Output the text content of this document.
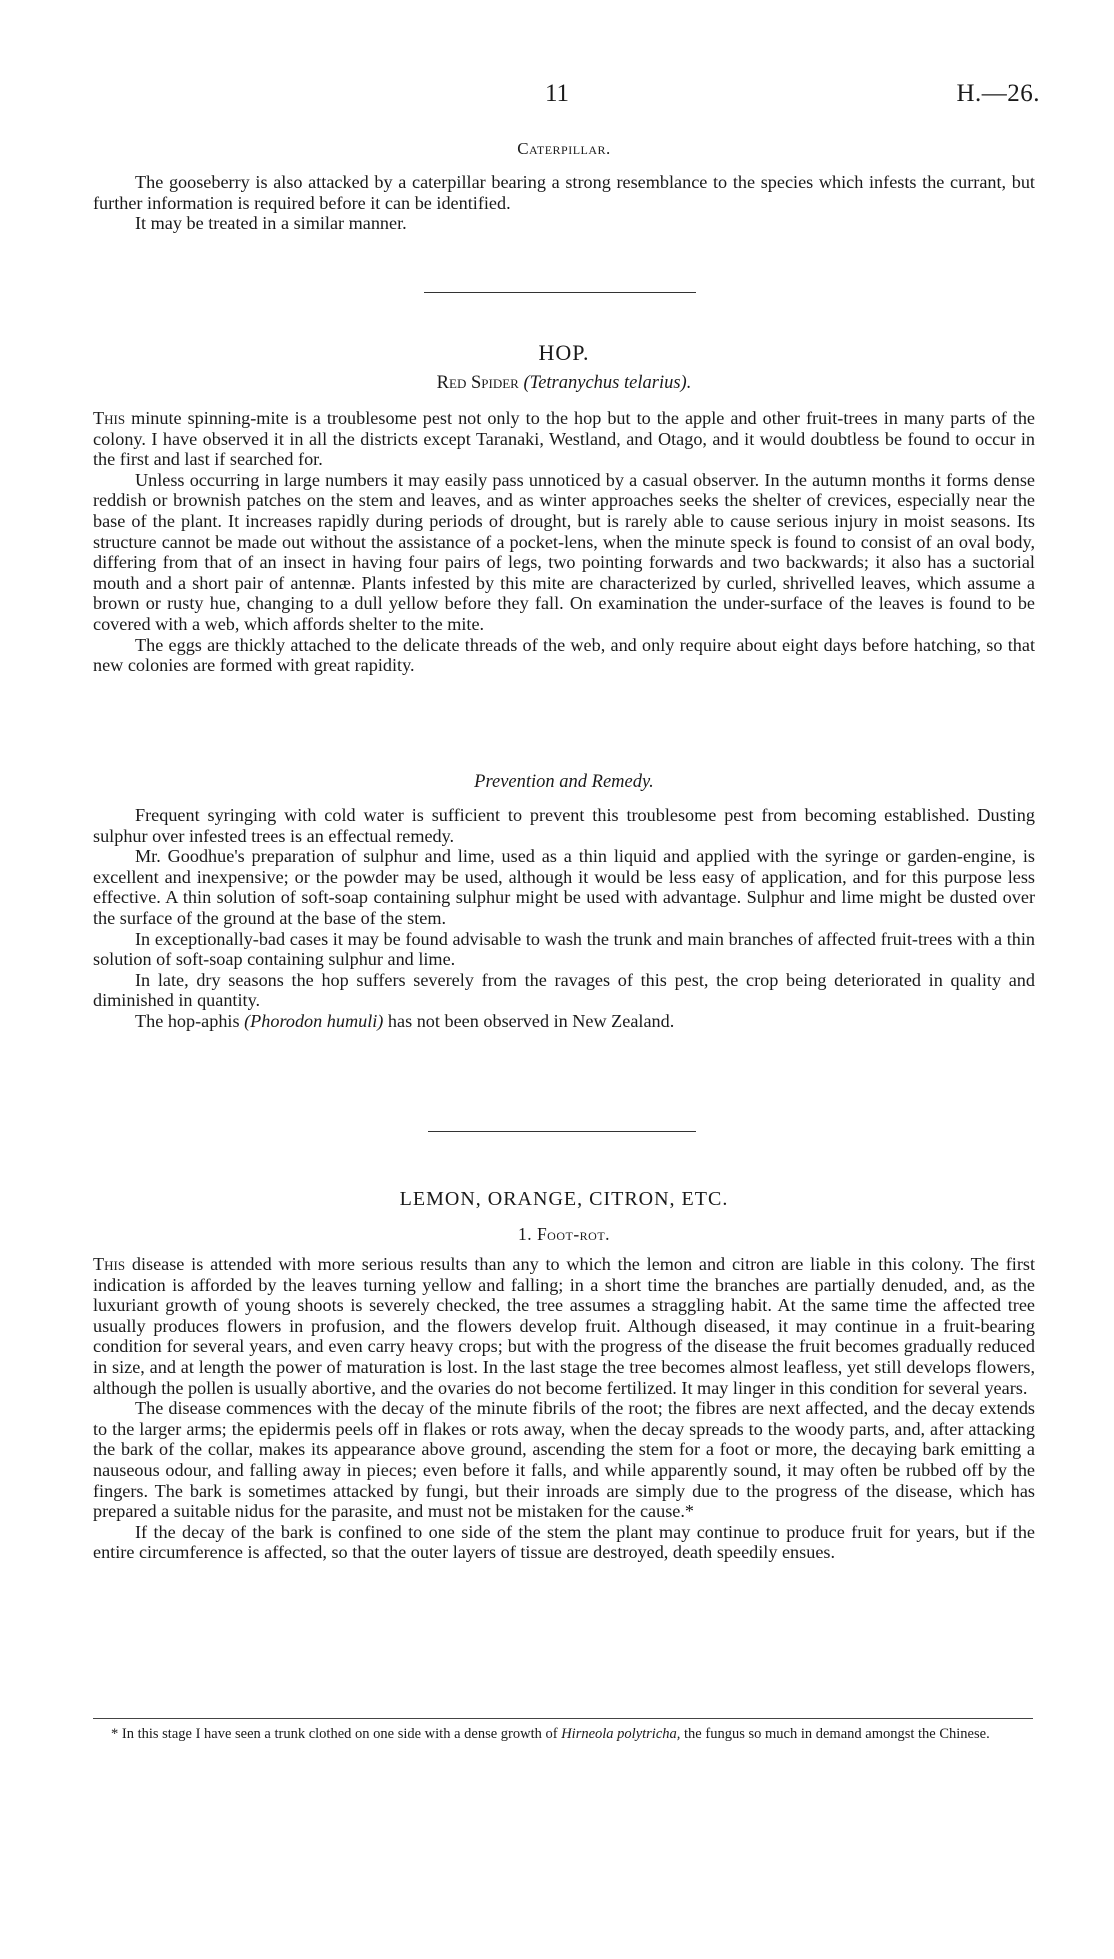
11	H.—26.
Caterpillar.

The gooseberry is also attacked by a caterpillar bearing a strong resemblance to the species which infests the currant, but further information is required before it can be identified.

It may be treated in a similar manner.

HOP.
Red Spider (Tetranychus telarius).

This minute spinning-mite is a troublesome pest not only to the hop but to the apple and other fruit-trees in many parts of the colony. I have observed it in all the districts except Taranaki, Westland, and Otago, and it would doubtless be found to occur in the first and last if searched for.

Unless occurring in large numbers it may easily pass unnoticed by a casual observer. In the autumn months it forms dense reddish or brownish patches on the stem and leaves, and as winter approaches seeks the shelter of crevices, especially near the base of the plant. It increases rapidly during periods of drought, but is rarely able to cause serious injury in moist seasons. Its structure cannot be made out without the assistance of a pocket-lens, when the minute speck is found to consist of an oval body, differing from that of an insect in having four pairs of legs, two pointing forwards and two backwards; it also has a suctorial mouth and a short pair of antennæ. Plants infested by this mite are characterized by curled, shrivelled leaves, which assume a brown or rusty hue, changing to a dull yellow before they fall. On examination the under-surface of the leaves is found to be covered with a web, which affords shelter to the mite.

The eggs are thickly attached to the delicate threads of the web, and only require about eight days before hatching, so that new colonies are formed with great rapidity.

Prevention and Remedy.

Frequent syringing with cold water is sufficient to prevent this troublesome pest from becoming established. Dusting sulphur over infested trees is an effectual remedy.

Mr. Goodhue's preparation of sulphur and lime, used as a thin liquid and applied with the syringe or garden-engine, is excellent and inexpensive; or the powder may be used, although it would be less easy of application, and for this purpose less effective. A thin solution of soft-soap containing sulphur might be used with advantage. Sulphur and lime might be dusted over the surface of the ground at the base of the stem.

In exceptionally-bad cases it may be found advisable to wash the trunk and main branches of affected fruit-trees with a thin solution of soft-soap containing sulphur and lime.

In late, dry seasons the hop suffers severely from the ravages of this pest, the crop being deteriorated in quality and diminished in quantity.

The hop-aphis (Phorodon humuli) has not been observed in New Zealand.

LEMON, ORANGE, CITRON, ETC.
1. Foot-rot.

This disease is attended with more serious results than any to which the lemon and citron are liable in this colony. The first indication is afforded by the leaves turning yellow and falling; in a short time the branches are partially denuded, and, as the luxuriant growth of young shoots is severely checked, the tree assumes a straggling habit. At the same time the affected tree usually produces flowers in profusion, and the flowers develop fruit. Although diseased, it may continue in a fruit-bearing condition for several years, and even carry heavy crops; but with the progress of the disease the fruit becomes gradually reduced in size, and at length the power of maturation is lost. In the last stage the tree becomes almost leafless, yet still develops flowers, although the pollen is usually abortive, and the ovaries do not become fertilized. It may linger in this condition for several years.

The disease commences with the decay of the minute fibrils of the root; the fibres are next affected, and the decay extends to the larger arms; the epidermis peels off in flakes or rots away, when the decay spreads to the woody parts, and, after attacking the bark of the collar, makes its appearance above ground, ascending the stem for a foot or more, the decaying bark emitting a nauseous odour, and falling away in pieces; even before it falls, and while apparently sound, it may often be rubbed off by the fingers. The bark is sometimes attacked by fungi, but their inroads are simply due to the progress of the disease, which has prepared a suitable nidus for the parasite, and must not be mistaken for the cause.*

If the decay of the bark is confined to one side of the stem the plant may continue to produce fruit for years, but if the entire circumference is affected, so that the outer layers of tissue are destroyed, death speedily ensues.

* In this stage I have seen a trunk clothed on one side with a dense growth of Hirneola polytricha, the fungus so much in demand amongst the Chinese.
